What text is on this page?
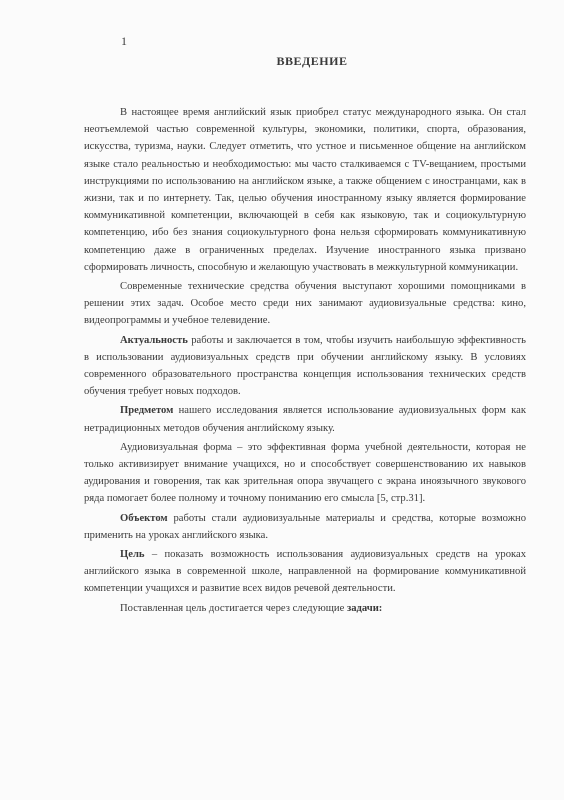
1
ВВЕДЕНИЕ

В настоящее время английский язык приобрел статус международного языка. Он стал неотъемлемой частью современной культуры, экономики, политики, спорта, образования, искусства, туризма, науки. Следует отметить, что устное и письменное общение на английском языке стало реальностью и необходимостью: мы часто сталкиваемся с TV-вещанием, простыми инструкциями по использованию на английском языке, а также общением с иностранцами, как в жизни, так и по интернету. Так, целью обучения иностранному языку является формирование коммуникативной компетенции, включающей в себя как языковую, так и социокультурную компетенцию, ибо без знания социокультурного фона нельзя сформировать коммуникативную компетенцию даже в ограниченных пределах. Изучение иностранного языка призвано сформировать личность, способную и желающую участвовать в межкультурной коммуникации.

Современные технические средства обучения выступают хорошими помощниками в решении этих задач. Особое место среди них занимают аудиовизуальные средства: кино, видеопрограммы и учебное телевидение.

Актуальность работы и заключается в том, чтобы изучить наибольшую эффективность в использовании аудиовизуальных средств при обучении английскому языку. В условиях современного образовательного пространства концепция использования технических средств обучения требует новых подходов.

Предметом нашего исследования является использование аудиовизуальных форм как нетрадиционных методов обучения английскому языку.

Аудиовизуальная форма – это эффективная форма учебной деятельности, которая не только активизирует внимание учащихся, но и способствует совершенствованию их навыков аудирования и говорения, так как зрительная опора звучащего с экрана иноязычного звукового ряда помогает более полному и точному пониманию его смысла [5, стр.31].

Объектом работы стали аудиовизуальные материалы и средства, которые возможно применить на уроках английского языка.

Цель – показать возможность использования аудиовизуальных средств на уроках английского языка в современной школе, направленной на формирование коммуникативной компетенции учащихся и развитие всех видов речевой деятельности.

Поставленная цель достигается через следующие задачи:
